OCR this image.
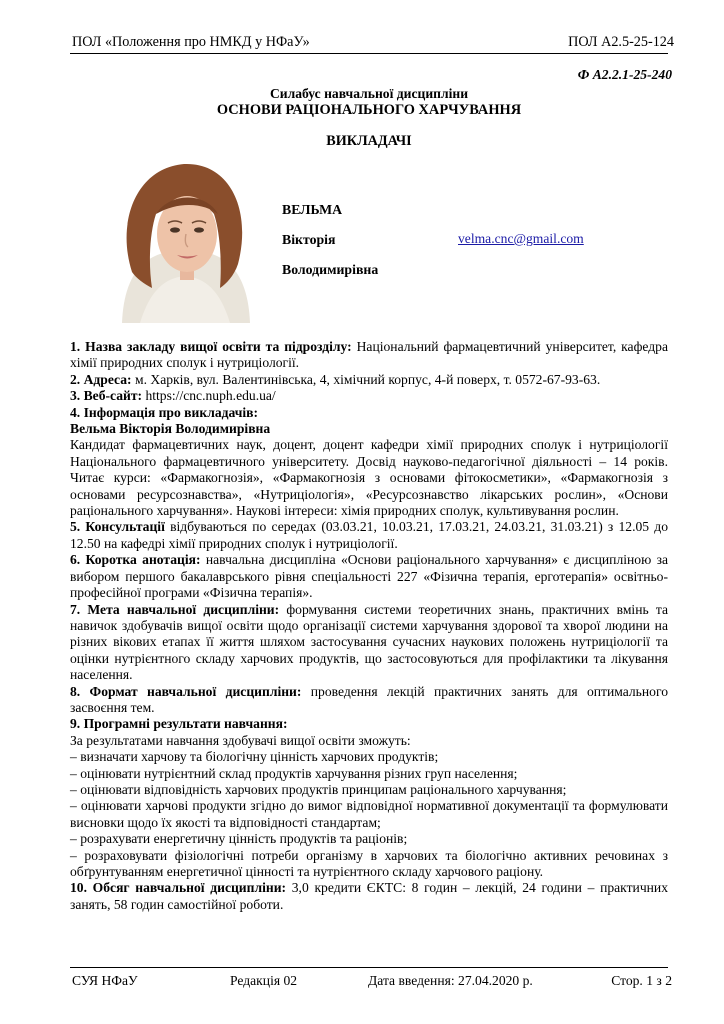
ПОЛ «Положення про НМКД у НФаУ»	ПОЛ А2.5-25-124
Ф А2.2.1-25-240
Силабус навчальної дисципліни
ОСНОВИ РАЦІОНАЛЬНОГО ХАРЧУВАННЯ
ВИКЛАДАЧІ
ВЕЛЬМА
Вікторія
Володимирівна
velma.cnc@gmail.com

1. Назва закладу вищої освіти та підрозділу: Національний фармацевтичний університет, кафедра хімії природних сполук і нутриціології.

2. Адреса: м. Харків, вул. Валентинівська, 4, хімічний корпус, 4-й поверх, т. 0572-67-93-63.

3. Веб-сайт: https://cnc.nuph.edu.ua/

4. Інформація про викладачів:

Вельма Вікторія Володимирівна

Кандидат фармацевтичних наук, доцент, доцент кафедри хімії природних сполук і нутриціології Національного фармацевтичного університету. Досвід науково-педагогічної діяльності – 14 років. Читає курси: «Фармакогнозія», «Фармакогнозія з основами фітокосметики», «Фармакогнозія з основами ресурсознавства», «Нутриціологія», «Ресурсознавство лікарських рослин», «Основи раціонального харчування». Наукові інтереси: хімія природних сполук, культивування рослин.

5. Консультації відбуваються по середах (03.03.21, 10.03.21, 17.03.21, 24.03.21, 31.03.21) з 12.05 до 12.50 на кафедрі хімії природних сполук і нутриціології.

6. Коротка анотація: навчальна дисципліна «Основи раціонального харчування» є дисципліною за вибором першого бакалаврського рівня спеціальності 227 «Фізична терапія, ерготерапія» освітньо-професійної програми «Фізична терапія».

7. Мета навчальної дисципліни: формування системи теоретичних знань, практичних вмінь та навичок здобувачів вищої освіти щодо організації системи харчування здорової та хворої людини на різних вікових етапах її життя шляхом застосування сучасних наукових положень нутриціології та оцінки нутрієнтного складу харчових продуктів, що застосовуються для профілактики та лікування населення.

8. Формат навчальної дисципліни: проведення лекцій практичних занять для оптимального засвоєння тем.

9. Програмні результати навчання:

За результатами навчання здобувачі вищої освіти зможуть:

– визначати харчову та біологічну цінність харчових продуктів;

– оцінювати нутрієнтний склад продуктів харчування різних груп населення;

– оцінювати відповідність харчових продуктів принципам раціонального харчування;

– оцінювати харчові продукти згідно до вимог відповідної нормативної документації та формулювати висновки щодо їх якості та відповідності стандартам;

– розрахувати енергетичну цінність продуктів та раціонів;

– розраховувати фізіологічні потреби організму в харчових та біологічно активних речовинах з обґрунтуванням енергетичної цінності та нутрієнтного складу харчового раціону.

10. Обсяг навчальної дисципліни: 3,0 кредити ЄКТС: 8 годин – лекцій, 24 години – практичних занять, 58 годин самостійної роботи.

СУЯ НФаУ	Редакція 02	Дата введення: 27.04.2020 р.	Стор. 1 з 2
